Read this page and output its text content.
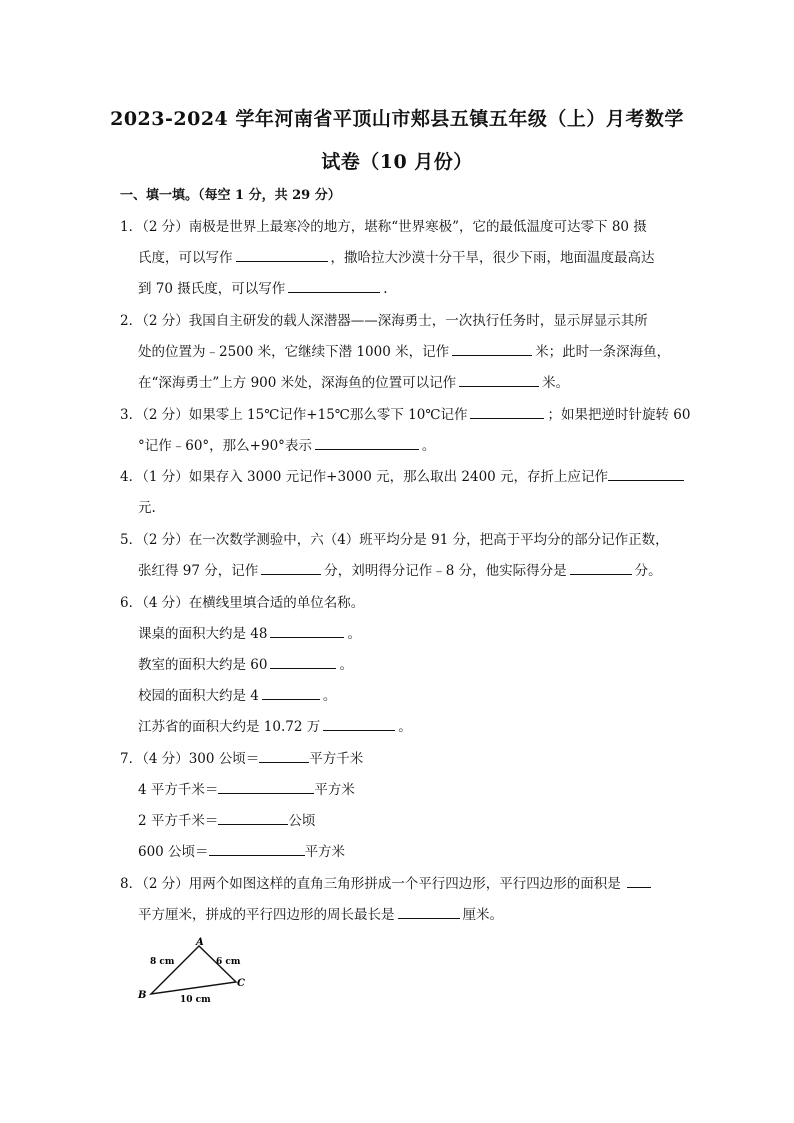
2023-2024 学年河南省平顶山市郏县五镇五年级（上）月考数学
试卷（10 月份）
一、填一填。（每空 1 分，共 29 分）
1．（2 分）南极是世界上最寒冷的地方，堪称“世界寒极”，它的最低温度可达零下 80 摄
氏度，可以写作	，撒哈拉大沙漠十分干旱，很少下雨，地面温度最高达
到 70 摄氏度，可以写作	.
2．（2 分）我国自主研发的载人深潜器——深海勇士，一次执行任务时，显示屏显示其所
处的位置为﹣2500 米，它继续下潜 1000 米，记作	米；此时一条深海鱼，
在“深海勇士”上方 900 米处，深海鱼的位置可以记作	米。
3．（2 分）如果零上 15℃记作+15℃那么零下 10℃记作	；如果把逆时针旋转 60
°记作﹣60°，那么+90°表示	。
4．（1 分）如果存入 3000 元记作+3000 元，那么取出 2400 元，存折上应记作
元.
5．（2 分）在一次数学测验中，六（4）班平均分是 91 分，把高于平均分的部分记作正数，
张红得 97 分，记作	分，刘明得分记作﹣8 分，他实际得分是	分。
6．（4 分）在横线里填合适的单位名称。
课桌的面积大约是 48	。
教室的面积大约是 60	。
校园的面积大约是 4	。
江苏省的面积大约是 10.72 万	。
7．（4 分）300 公顷＝	平方千米
4 平方千米＝	平方米
2 平方千米＝	公顷
600 公顷＝	平方米
8．（2 分）用两个如图这样的直角三角形拼成一个平行四边形，平行四边形的面积是
平方厘米，拼成的平行四边形的周长最长是	厘米。
A
B
C
8 cm	6 cm
10 cm
